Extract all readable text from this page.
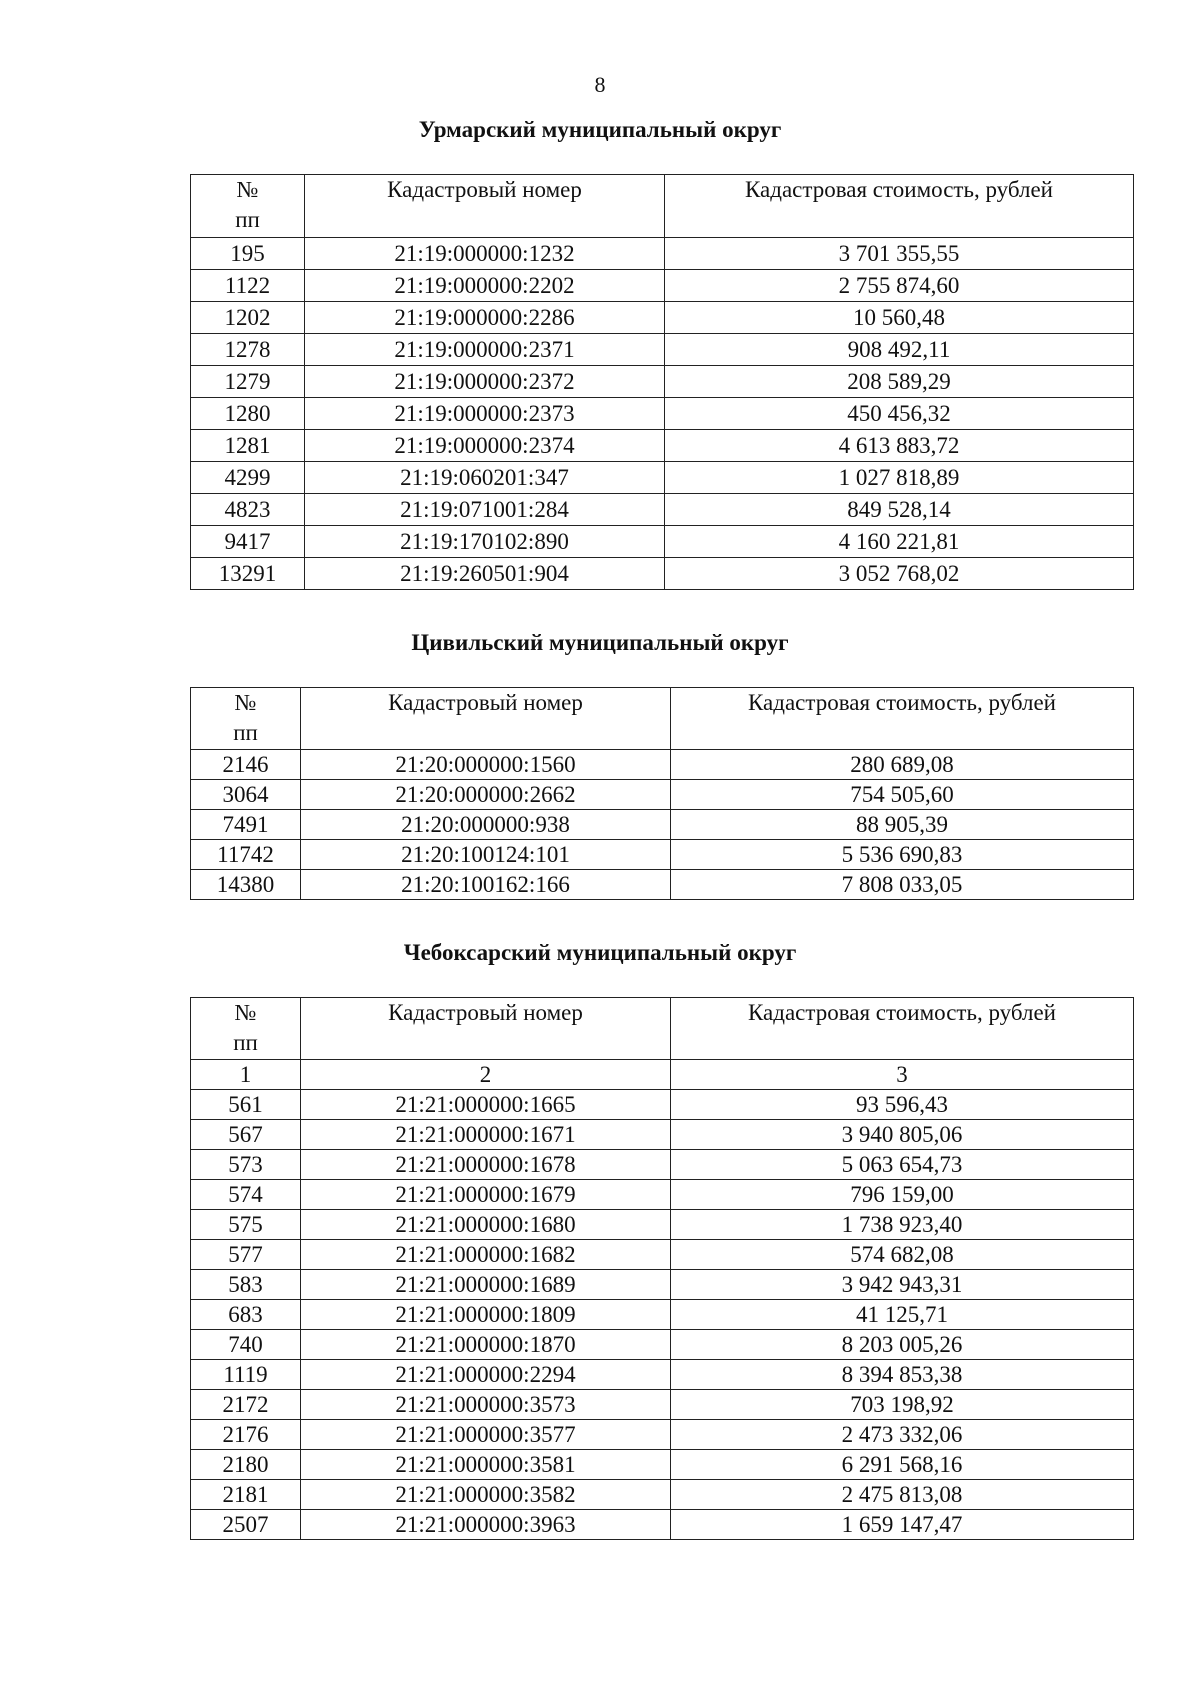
8
Урмарский муниципальный округ
№
пп	Кадастровый номер	Кадастровая стоимость, рублей
195	21:19:000000:1232	3 701 355,55
1122	21:19:000000:2202	2 755 874,60
1202	21:19:000000:2286	10 560,48
1278	21:19:000000:2371	908 492,11
1279	21:19:000000:2372	208 589,29
1280	21:19:000000:2373	450 456,32
1281	21:19:000000:2374	4 613 883,72
4299	21:19:060201:347	1 027 818,89
4823	21:19:071001:284	849 528,14
9417	21:19:170102:890	4 160 221,81
13291	21:19:260501:904	3 052 768,02
Цивильский муниципальный округ
№
пп	Кадастровый номер	Кадастровая стоимость, рублей
2146	21:20:000000:1560	280 689,08
3064	21:20:000000:2662	754 505,60
7491	21:20:000000:938	88 905,39
11742	21:20:100124:101	5 536 690,83
14380	21:20:100162:166	7 808 033,05
Чебоксарский муниципальный округ
№
пп	Кадастровый номер	Кадастровая стоимость, рублей
1	2	3
561	21:21:000000:1665	93 596,43
567	21:21:000000:1671	3 940 805,06
573	21:21:000000:1678	5 063 654,73
574	21:21:000000:1679	796 159,00
575	21:21:000000:1680	1 738 923,40
577	21:21:000000:1682	574 682,08
583	21:21:000000:1689	3 942 943,31
683	21:21:000000:1809	41 125,71
740	21:21:000000:1870	8 203 005,26
1119	21:21:000000:2294	8 394 853,38
2172	21:21:000000:3573	703 198,92
2176	21:21:000000:3577	2 473 332,06
2180	21:21:000000:3581	6 291 568,16
2181	21:21:000000:3582	2 475 813,08
2507	21:21:000000:3963	1 659 147,47
